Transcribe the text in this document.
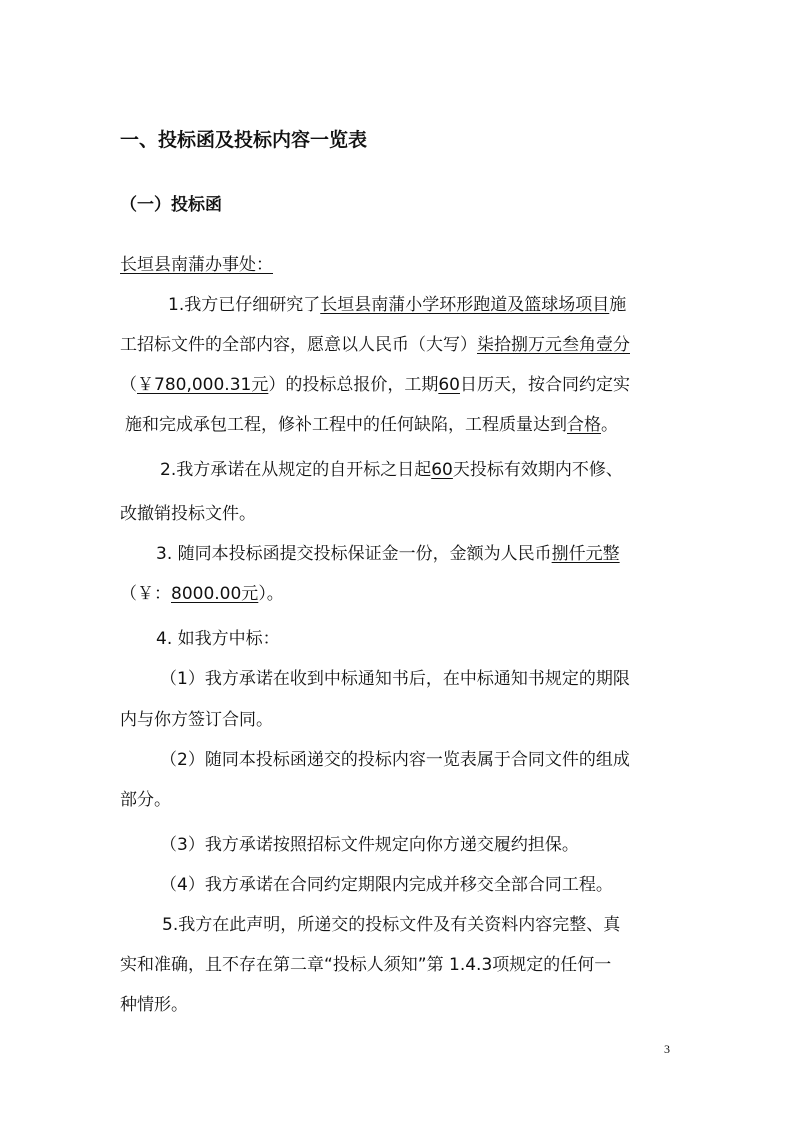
一、投标函及投标内容一览表
（一）投标函
长垣县南蒲办事处：
1.我方已仔细研究了长垣县南蒲小学环形跑道及篮球场项目施
工招标文件的全部内容，愿意以人民币（大写）柒拾捌万元叁角壹分
（￥780,000.31元）的投标总报价，工期60日历天，按合同约定实
施和完成承包工程，修补工程中的任何缺陷，工程质量达到合格。
2.我方承诺在从规定的自开标之日起60天投标有效期内不修、
改撤销投标文件。
3. 随同本投标函提交投标保证金一份，金额为人民币捌仟元整
（￥：8000.00元）。
4. 如我方中标：
（1）我方承诺在收到中标通知书后，在中标通知书规定的期限
内与你方签订合同。
（2）随同本投标函递交的投标内容一览表属于合同文件的组成
部分。
（3）我方承诺按照招标文件规定向你方递交履约担保。
（4）我方承诺在合同约定期限内完成并移交全部合同工程。
5.我方在此声明，所递交的投标文件及有关资料内容完整、真
实和准确，且不存在第二章“投标人须知”第 1.4.3项规定的任何一
种情形。
3
